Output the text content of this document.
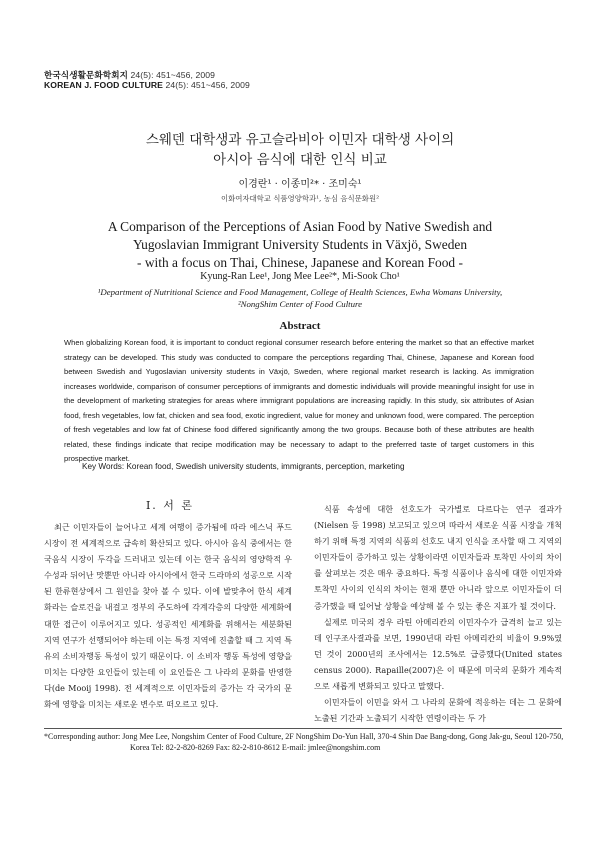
한국식생활문화학회지 24(5): 451~456, 2009
KOREAN J. FOOD CULTURE 24(5): 451~456, 2009
스웨덴 대학생과 유고슬라비아 이민자 대학생 사이의
아시아 음식에 대한 인식 비교
이경란¹ · 이종미²* · 조미숙¹
이화여자대학교 식품영양학과¹, 농심 음식문화원²
A Comparison of the Perceptions of Asian Food by Native Swedish and
Yugoslavian Immigrant University Students in Växjö, Sweden
- with a focus on Thai, Chinese, Japanese and Korean Food -
Kyung-Ran Lee¹, Jong Mee Lee²*, Mi-Sook Cho¹
¹Department of Nutritional Science and Food Management, College of Health Sciences, Ewha Womans University,
²NongShim Center of Food Culture
Abstract

When globalizing Korean food, it is important to conduct regional consumer research before entering the market so that an effective market strategy can be developed. This study was conducted to compare the perceptions regarding Thai, Chinese, Japanese and Korean food between Swedish and Yugoslavian university students in Växjö, Sweden, where regional market research is lacking. As immigration increases worldwide, comparison of consumer perceptions of immigrants and domestic individuals will provide meaningful insight for use in the development of marketing strategies for areas where immigrant populations are increasing rapidly. In this study, six attributes of Asian food, fresh vegetables, low fat, chicken and sea food, exotic ingredient, value for money and unknown food, were compared. The perception of fresh vegetables and low fat of Chinese food differed significantly among the two groups. Because both of these attributes are health related, these findings indicate that recipe modification may be necessary to adapt to the preferred taste of target customers in this prospective market.

Key Words: Korean food, Swedish university students, immigrants, perception, marketing
I. 서 론

최근 이민자들이 늘어나고 세계 여행이 증가됨에 따라 에스닉 푸드 시장이 전 세계적으로 급속히 확산되고 있다. 아시아 음식 중에서는 한국음식 시장이 두각을 드러내고 있는데 이는 한국 음식의 영양학적 우수성과 뒤어난 맛뿐만 아니라 아시아에서 한국 드라마의 성공으로 시작된 한류현상에서 그 원인을 찾아 볼 수 있다. 이에 발맞추어 한식 세계화라는 슬로건을 내걸고 정부의 주도하에 각계각층의 다양한 세계화에 대한 접근이 이루어지고 있다. 성공적인 세계화를 위해서는 세분화된 지역 연구가 선행되어야 하는데 이는 특정 지역에 진출할 때 그 지역 특유의 소비자행동 특성이 있기 때문이다. 이 소비자 행동 특성에 영향을 미치는 다양한 요인들이 있는데 이 요인들은 그 나라의 문화를 반영한다(de Mooij 1998). 전 세계적으로 이민자들의 증가는 각 국가의 문화에 영향을 미치는 새로운 변수로 떠오르고 있다.

식품 속성에 대한 선호도가 국가별로 다르다는 연구 결과가(Nielsen 등 1998) 보고되고 있으며 따라서 새로운 식품 시장을 개척하기 위해 특정 지역의 식품의 선호도 내지 인식을 조사할 때 그 지역의 이민자들이 증가하고 있는 상황이라면 이민자들과 토착민 사이의 차이를 살펴보는 것은 매우 중요하다. 특정 식품이나 음식에 대한 이민자와 토착민 사이의 인식의 차이는 현재 뿐만 아니라 앞으로 이민자들이 더 증가했을 때 일어날 상황을 예상해 볼 수 있는 좋은 지표가 될 것이다.

실제로 미국의 경우 라틴 아메리칸의 이민자수가 급격히 늘고 있는데 인구조사결과를 보면, 1990년대 라틴 아메리칸의 비율이 9.9%였던 것이 2000년의 조사에서는 12.5%로 급증했다(United states census 2000). Rapaille(2007)은 이 때문에 미국의 문화가 계속적으로 새롭게 변화되고 있다고 말했다.

이민자들이 이민을 와서 그 나라의 문화에 적응하는 데는 그 문화에 노출된 기간과 노출되기 시작한 연령이라는 두 가

*Corresponding author: Jong Mee Lee, Nongshim Center of Food Culture, 2F NongShim Do-Yun Hall, 370-4 Shin Dae Bang-dong, Gong Jak-gu, Seoul 120-750,
Korea Tel: 82-2-820-8269 Fax: 82-2-810-8612 E-mail: jmlee@nongshim.com
